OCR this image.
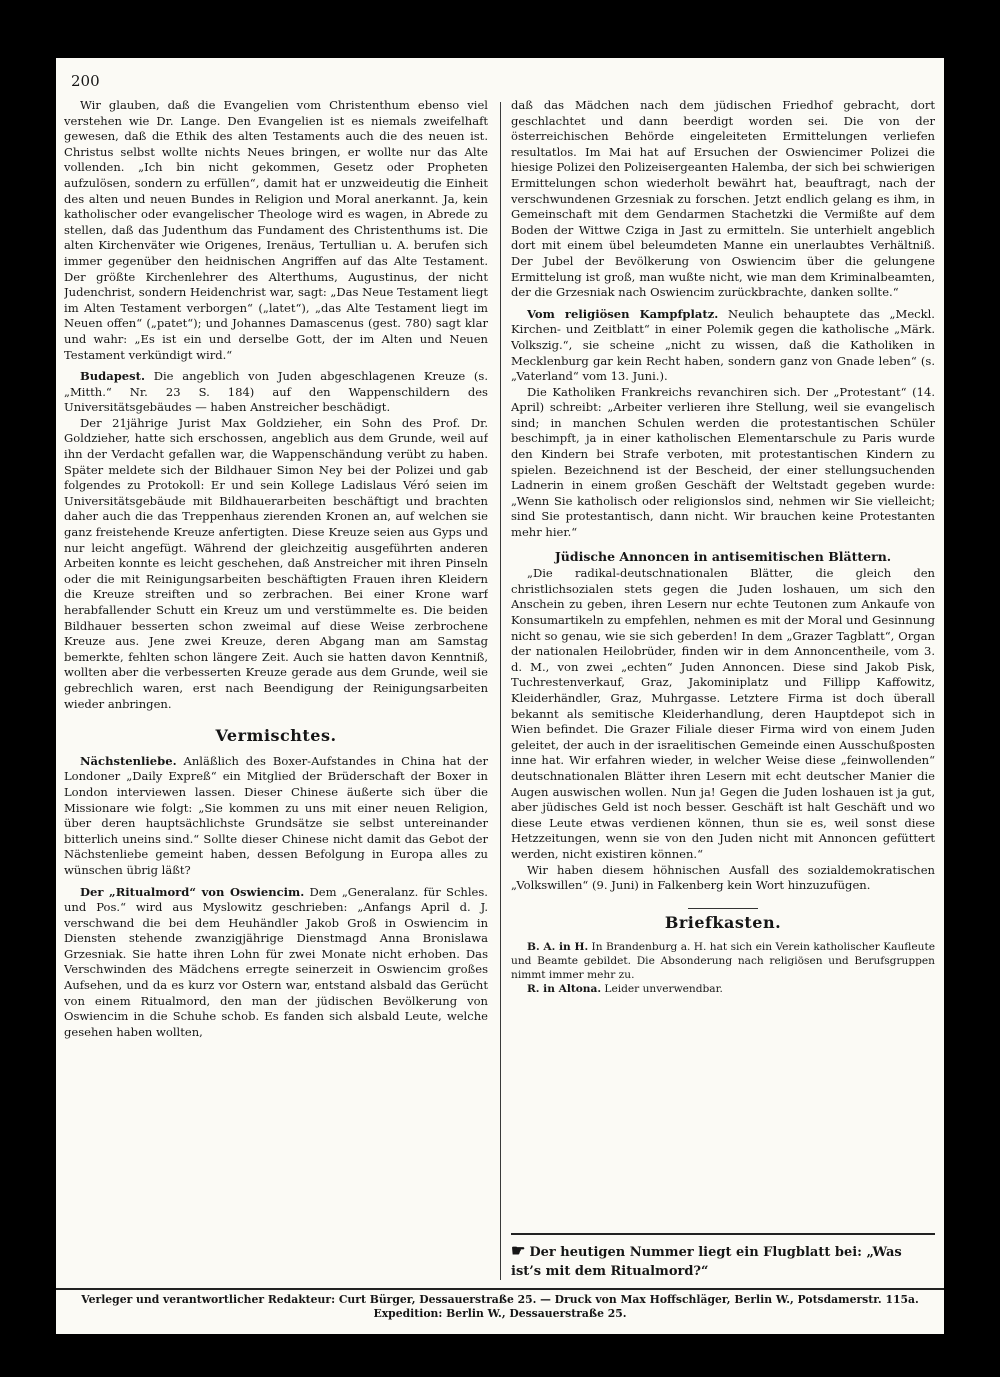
200

Wir glauben, daß die Evangelien vom Christenthum ebenso viel verstehen wie Dr. Lange. Den Evangelien ist es niemals zweifelhaft gewesen, daß die Ethik des alten Testaments auch die des neuen ist. Christus selbst wollte nichts Neues bringen, er wollte nur das Alte vollenden. „Ich bin nicht gekommen, Gesetz oder Propheten aufzulösen, sondern zu erfüllen“, damit hat er unzweideutig die Einheit des alten und neuen Bundes in Religion und Moral anerkannt. Ja, kein katholischer oder evangelischer Theologe wird es wagen, in Abrede zu stellen, daß das Judenthum das Fundament des Christenthums ist. Die alten Kirchenväter wie Origenes, Irenäus, Tertullian u. A. berufen sich immer gegenüber den heidnischen Angriffen auf das Alte Testament. Der größte Kirchenlehrer des Alterthums, Augustinus, der nicht Judenchrist, sondern Heidenchrist war, sagt: „Das Neue Testament liegt im Alten Testament verborgen“ („latet“), „das Alte Testament liegt im Neuen offen“ („patet“); und Johannes Damascenus (gest. 780) sagt klar und wahr: „Es ist ein und derselbe Gott, der im Alten und Neuen Testament verkündigt wird.“

Budapest. Die angeblich von Juden abgeschlagenen Kreuze (s. „Mitth.“ Nr. 23 S. 184) auf den Wappenschildern des Universitätsgebäudes — haben Anstreicher beschädigt.

Der 21jährige Jurist Max Goldzieher, ein Sohn des Prof. Dr. Goldzieher, hatte sich erschossen, angeblich aus dem Grunde, weil auf ihn der Verdacht gefallen war, die Wappenschändung verübt zu haben. Später meldete sich der Bildhauer Simon Ney bei der Polizei und gab folgendes zu Protokoll: Er und sein Kollege Ladislaus Véró seien im Universitätsgebäude mit Bildhauerarbeiten beschäftigt und brachten daher auch die das Treppenhaus zierenden Kronen an, auf welchen sie ganz freistehende Kreuze anfertigten. Diese Kreuze seien aus Gyps und nur leicht angefügt. Während der gleichzeitig ausgeführten anderen Arbeiten konnte es leicht geschehen, daß Anstreicher mit ihren Pinseln oder die mit Reinigungsarbeiten beschäftigten Frauen ihren Kleidern die Kreuze streiften und so zerbrachen. Bei einer Krone warf herabfallender Schutt ein Kreuz um und verstümmelte es. Die beiden Bildhauer besserten schon zweimal auf diese Weise zerbrochene Kreuze aus. Jene zwei Kreuze, deren Abgang man am Samstag bemerkte, fehlten schon längere Zeit. Auch sie hatten davon Kenntniß, wollten aber die verbesserten Kreuze gerade aus dem Grunde, weil sie gebrechlich waren, erst nach Beendigung der Reinigungsarbeiten wieder anbringen.

Vermischtes.

Nächstenliebe. Anläßlich des Boxer-Aufstandes in China hat der Londoner „Daily Expreß“ ein Mitglied der Brüderschaft der Boxer in London interviewen lassen. Dieser Chinese äußerte sich über die Missionare wie folgt: „Sie kommen zu uns mit einer neuen Religion, über deren hauptsächlichste Grundsätze sie selbst untereinander bitterlich uneins sind.“ Sollte dieser Chinese nicht damit das Gebot der Nächstenliebe gemeint haben, dessen Befolgung in Europa alles zu wünschen übrig läßt?

Der „Ritualmord“ von Oswiencim. Dem „Generalanz. für Schles. und Pos.“ wird aus Myslowitz geschrieben: „Anfangs April d. J. verschwand die bei dem Heuhändler Jakob Groß in Oswiencim in Diensten stehende zwanzigjährige Dienstmagd Anna Bronislawa Grzesniak. Sie hatte ihren Lohn für zwei Monate nicht erhoben. Das Verschwinden des Mädchens erregte seinerzeit in Oswiencim großes Aufsehen, und da es kurz vor Ostern war, entstand alsbald das Gerücht von einem Ritualmord, den man der jüdischen Bevölkerung von Oswiencim in die Schuhe schob. Es fanden sich alsbald Leute, welche gesehen haben wollten,

daß das Mädchen nach dem jüdischen Friedhof gebracht, dort geschlachtet und dann beerdigt worden sei. Die von der österreichischen Behörde eingeleiteten Ermittelungen verliefen resultatlos. Im Mai hat auf Ersuchen der Oswiencimer Polizei die hiesige Polizei den Polizeisergeanten Halemba, der sich bei schwierigen Ermittelungen schon wiederholt bewährt hat, beauftragt, nach der verschwundenen Grzesniak zu forschen. Jetzt endlich gelang es ihm, in Gemeinschaft mit dem Gendarmen Stachetzki die Vermißte auf dem Boden der Wittwe Cziga in Jast zu ermitteln. Sie unterhielt angeblich dort mit einem übel beleumdeten Manne ein unerlaubtes Verhältniß. Der Jubel der Bevölkerung von Oswiencim über die gelungene Ermittelung ist groß, man wußte nicht, wie man dem Kriminalbeamten, der die Grzesniak nach Oswiencim zurückbrachte, danken sollte.“

Vom religiösen Kampfplatz. Neulich behauptete das „Meckl. Kirchen- und Zeitblatt“ in einer Polemik gegen die katholische „Märk. Volkszig.“, sie scheine „nicht zu wissen, daß die Katholiken in Mecklenburg gar kein Recht haben, sondern ganz von Gnade leben“ (s. „Vaterland“ vom 13. Juni.).

Die Katholiken Frankreichs revanchiren sich. Der „Protestant“ (14. April) schreibt: „Arbeiter verlieren ihre Stellung, weil sie evangelisch sind; in manchen Schulen werden die protestantischen Schüler beschimpft, ja in einer katholischen Elementarschule zu Paris wurde den Kindern bei Strafe verboten, mit protestantischen Kindern zu spielen. Bezeichnend ist der Bescheid, der einer stellungsuchenden Ladnerin in einem großen Geschäft der Weltstadt gegeben wurde: „Wenn Sie katholisch oder religionslos sind, nehmen wir Sie vielleicht; sind Sie protestantisch, dann nicht. Wir brauchen keine Protestanten mehr hier.“

Jüdische Annoncen in antisemitischen Blättern.

„Die radikal-deutschnationalen Blätter, die gleich den christlichsozialen stets gegen die Juden loshauen, um sich den Anschein zu geben, ihren Lesern nur echte Teutonen zum Ankaufe von Konsumartikeln zu empfehlen, nehmen es mit der Moral und Gesinnung nicht so genau, wie sie sich geberden! In dem „Grazer Tagblatt“, Organ der nationalen Heilobrüder, finden wir in dem Annoncentheile, vom 3. d. M., von zwei „echten“ Juden Annoncen. Diese sind Jakob Pisk, Tuchrestenverkauf, Graz, Jakominiplatz und Fillipp Kaffowitz, Kleiderhändler, Graz, Muhrgasse. Letztere Firma ist doch überall bekannt als semitische Kleiderhandlung, deren Hauptdepot sich in Wien befindet. Die Grazer Filiale dieser Firma wird von einem Juden geleitet, der auch in der israelitischen Gemeinde einen Ausschußposten inne hat. Wir erfahren wieder, in welcher Weise diese „feinwollenden“ deutschnationalen Blätter ihren Lesern mit echt deutscher Manier die Augen auswischen wollen. Nun ja! Gegen die Juden loshauen ist ja gut, aber jüdisches Geld ist noch besser. Geschäft ist halt Geschäft und wo diese Leute etwas verdienen können, thun sie es, weil sonst diese Hetzzeitungen, wenn sie von den Juden nicht mit Annoncen gefüttert werden, nicht existiren können.“

Wir haben diesem höhnischen Ausfall des sozialdemokratischen „Volkswillen“ (9. Juni) in Falkenberg kein Wort hinzuzufügen.

Briefkasten.

B. A. in H. In Brandenburg a. H. hat sich ein Verein katholischer Kaufleute und Beamte gebildet. Die Absonderung nach religiösen und Berufsgruppen nimmt immer mehr zu.

R. in Altona. Leider unverwendbar.

☛ Der heutigen Nummer liegt ein Flugblatt bei: „Was ist’s mit dem Ritualmord?“
Verleger und verantwortlicher Redakteur: Curt Bürger, Dessauerstraße 25. — Druck von Max Hoffschläger, Berlin W., Potsdamerstr. 115a.
Expedition: Berlin W., Dessauerstraße 25.
